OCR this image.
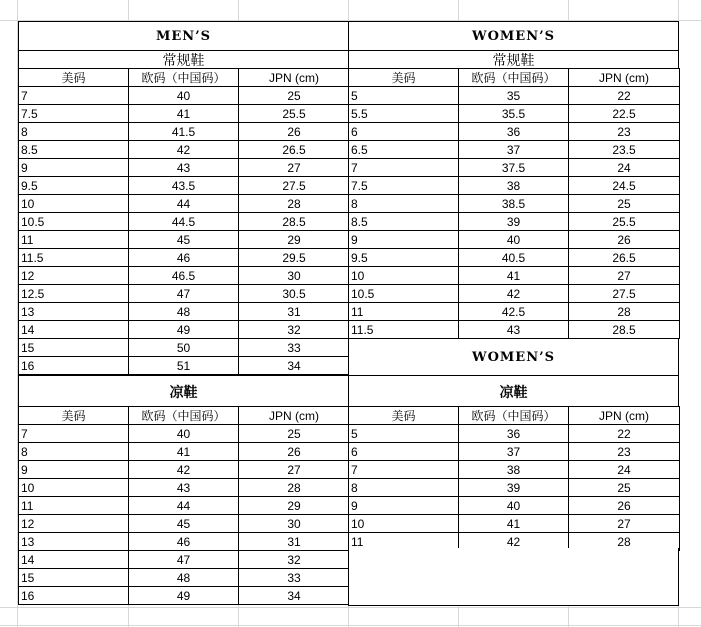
MEN’S
常规鞋
WOMEN’S
常规鞋
美码	欧码（中国码）	JPN (cm)
7	40	25
7.5	41	25.5
8	41.5	26
8.5	42	26.5
9	43	27
9.5	43.5	27.5
10	44	28
10.5	44.5	28.5
11	45	29
11.5	46	29.5
12	46.5	30
12.5	47	30.5
13	48	31
14	49	32
15	50	33
16	51	34
美码	欧码（中国码）	JPN (cm)
5	35	22
5.5	35.5	22.5
6	36	23
6.5	37	23.5
7	37.5	24
7.5	38	24.5
8	38.5	25
8.5	39	25.5
9	40	26
9.5	40.5	26.5
10	41	27
10.5	42	27.5
11	42.5	28
11.5	43	28.5
WOMEN’S
凉鞋
凉鞋
美码	欧码（中国码）	JPN (cm)
7	40	25
8	41	26
9	42	27
10	43	28
11	44	29
12	45	30
13	46	31
14	47	32
15	48	33
16	49	34
美码	欧码（中国码）	JPN (cm)
5	36	22
6	37	23
7	38	24
8	39	25
9	40	26
10	41	27
11	42	28
